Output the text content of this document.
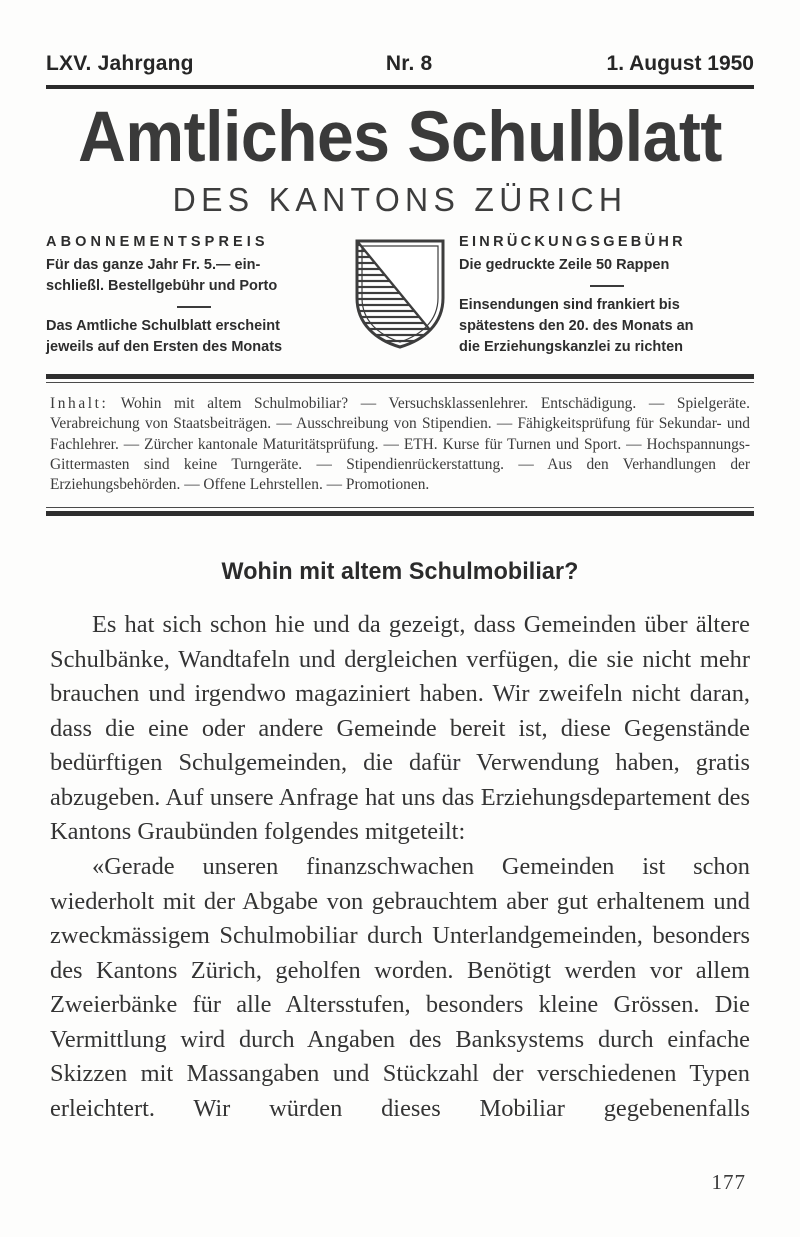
LXV. Jahrgang	Nr. 8	1. August 1950
Amtliches Schulblatt
DES KANTONS ZÜRICH
ABONNEMENTSPREIS
Für das ganze Jahr Fr. 5.— ein-
schließl. Bestellgebühr und Porto
Das Amtliche Schulblatt erscheint
jeweils auf den Ersten des Monats
EINRÜCKUNGSGEBÜHR
Die gedruckte Zeile 50 Rappen
Einsendungen sind frankiert bis
spätestens den 20. des Monats an
die Erziehungskanzlei zu richten
Inhalt: Wohin mit altem Schulmobiliar? — Versuchsklassenlehrer. Entschädigung. — Spielgeräte. Verabreichung von Staatsbeiträgen. — Ausschreibung von Stipendien. — Fähigkeitsprüfung für Sekundar- und Fachlehrer. — Zürcher kantonale Maturitätsprüfung. — ETH. Kurse für Turnen und Sport. — Hochspannungs-Gittermasten sind keine Turngeräte. — Stipendienrückerstattung. — Aus den Verhandlungen der Erziehungsbehörden. — Offene Lehrstellen. — Promotionen.
Wohin mit altem Schulmobiliar?

Es hat sich schon hie und da gezeigt, dass Gemeinden über ältere Schulbänke, Wandtafeln und dergleichen verfügen, die sie nicht mehr brauchen und irgendwo magaziniert haben. Wir zweifeln nicht daran, dass die eine oder andere Gemeinde bereit ist, diese Gegenstände bedürftigen Schulgemeinden, die dafür Verwendung haben, gratis abzugeben. Auf unsere Anfrage hat uns das Erziehungsdepartement des Kantons Graubünden folgendes mitgeteilt:

«Gerade unseren finanzschwachen Gemeinden ist schon wiederholt mit der Abgabe von gebrauchtem aber gut erhaltenem und zweckmässigem Schulmobiliar durch Unterlandgemeinden, besonders des Kantons Zürich, geholfen worden. Benötigt werden vor allem Zweierbänke für alle Altersstufen, besonders kleine Grössen. Die Vermittlung wird durch Angaben des Banksystems durch einfache Skizzen mit Massangaben und Stückzahl der verschiedenen Typen erleichtert. Wir würden dieses Mobiliar gegebenenfalls

177
